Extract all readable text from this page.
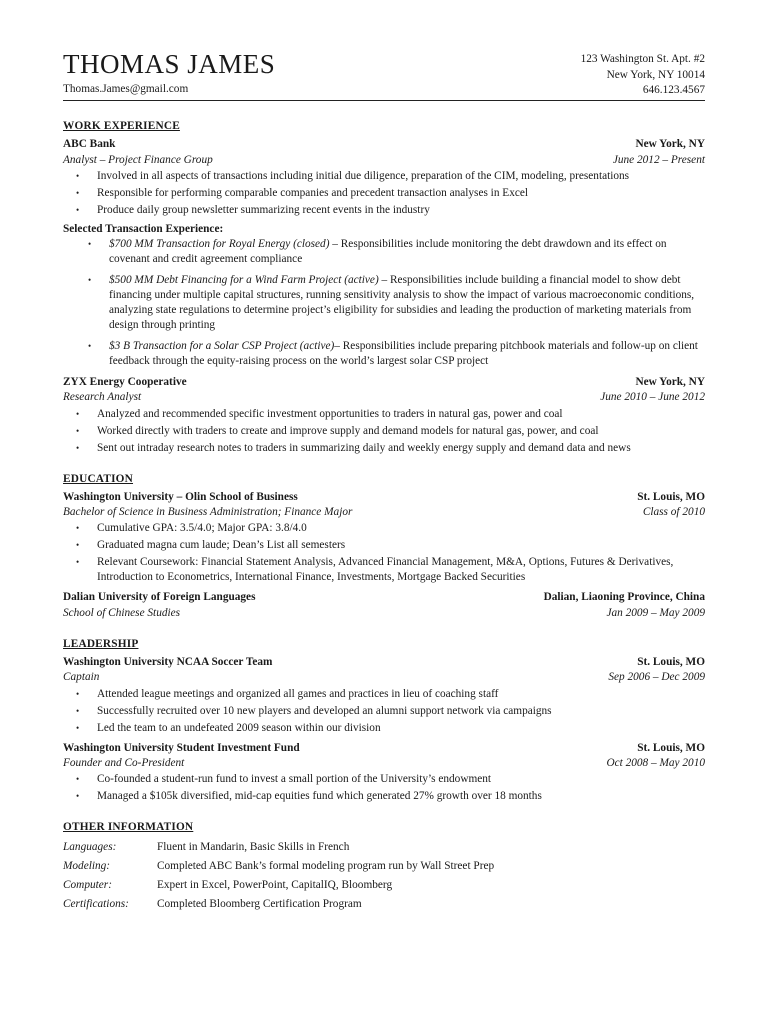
THOMAS JAMES
Thomas.James@gmail.com
123 Washington St. Apt. #2
New York, NY 10014
646.123.4567
WORK EXPERIENCE
ABC Bank	New York, NY
Analyst – Project Finance Group	June 2012 – Present
• Involved in all aspects of transactions including initial due diligence, preparation of the CIM, modeling, presentations
• Responsible for performing comparable companies and precedent transaction analyses in Excel
• Produce daily group newsletter summarizing recent events in the industry
Selected Transaction Experience:
• $700 MM Transaction for Royal Energy (closed) – Responsibilities include monitoring the debt drawdown and its effect on covenant and credit agreement compliance
• $500 MM Debt Financing for a Wind Farm Project (active) – Responsibilities include building a financial model to show debt financing under multiple capital structures, running sensitivity analysis to show the impact of various macroeconomic conditions, analyzing state regulations to determine project’s eligibility for subsidies and leading the production of marketing materials from design through printing
• $3 B Transaction for a Solar CSP Project (active)– Responsibilities include preparing pitchbook materials and follow-up on client feedback through the equity-raising process on the world’s largest solar CSP project
ZYX Energy Cooperative	New York, NY
Research Analyst	June 2010 – June 2012
• Analyzed and recommended specific investment opportunities to traders in natural gas, power and coal
• Worked directly with traders to create and improve supply and demand models for natural gas, power, and coal
• Sent out intraday research notes to traders in summarizing daily and weekly energy supply and demand data and news
EDUCATION
Washington University – Olin School of Business	St. Louis, MO
Bachelor of Science in Business Administration; Finance Major	Class of 2010
• Cumulative GPA: 3.5/4.0; Major GPA: 3.8/4.0
• Graduated magna cum laude; Dean’s List all semesters
• Relevant Coursework: Financial Statement Analysis, Advanced Financial Management, M&A, Options, Futures & Derivatives, Introduction to Econometrics, International Finance, Investments, Mortgage Backed Securities
Dalian University of Foreign Languages	Dalian, Liaoning Province, China
School of Chinese Studies	Jan 2009 – May 2009
LEADERSHIP
Washington University NCAA Soccer Team	St. Louis, MO
Captain	Sep 2006 – Dec 2009
• Attended league meetings and organized all games and practices in lieu of coaching staff
• Successfully recruited over 10 new players and developed an alumni support network via campaigns
• Led the team to an undefeated 2009 season within our division
Washington University Student Investment Fund	St. Louis, MO
Founder and Co-President	Oct 2008 – May 2010
• Co-founded a student-run fund to invest a small portion of the University’s endowment
• Managed a $105k diversified, mid-cap equities fund which generated 27% growth over 18 months
OTHER INFORMATION
Languages:	Fluent in Mandarin, Basic Skills in French
Modeling:	Completed ABC Bank’s formal modeling program run by Wall Street Prep
Computer:	Expert in Excel, PowerPoint, CapitalIQ, Bloomberg
Certifications:	Completed Bloomberg Certification Program
